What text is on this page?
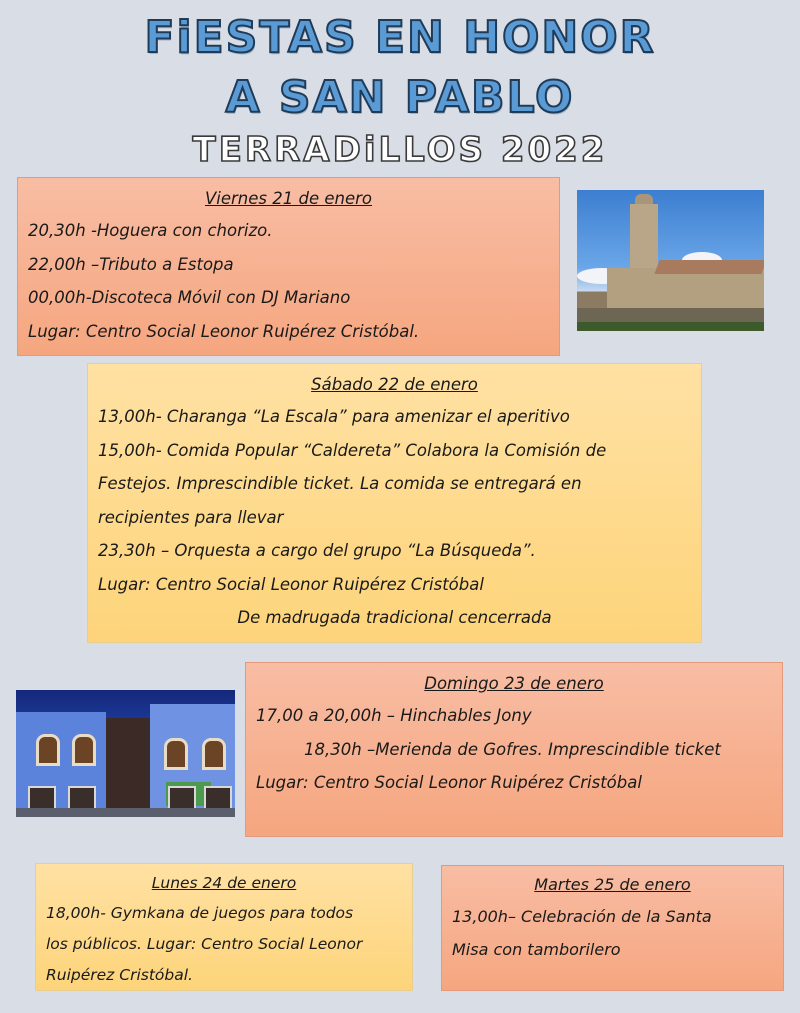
FiESTAS EN HONOR
A SAN PABLO
TERRADiLLOS 2022
Viernes 21 de enero
20,30h -Hoguera con chorizo.
22,00h –Tributo a Estopa
00,00h-Discoteca Móvil con DJ Mariano
Lugar: Centro Social Leonor Ruipérez Cristóbal.
Sábado 22 de enero
13,00h- Charanga “La Escala” para amenizar el aperitivo
15,00h- Comida Popular “Caldereta” Colabora la Comisión de
Festejos. Imprescindible ticket. La comida se entregará en
recipientes para llevar
23,30h – Orquesta a cargo del grupo “La Búsqueda”.
Lugar: Centro Social Leonor Ruipérez Cristóbal
De madrugada tradicional cencerrada
Domingo 23 de enero
17,00 a 20,00h – Hinchables Jony
18,30h –Merienda de Gofres. Imprescindible ticket
Lugar: Centro Social Leonor Ruipérez Cristóbal
Lunes 24 de enero
18,00h- Gymkana de juegos para todos
los públicos. Lugar: Centro Social Leonor
Ruipérez Cristóbal.
Martes 25 de enero
13,00h– Celebración de la Santa
Misa con tamborilero
